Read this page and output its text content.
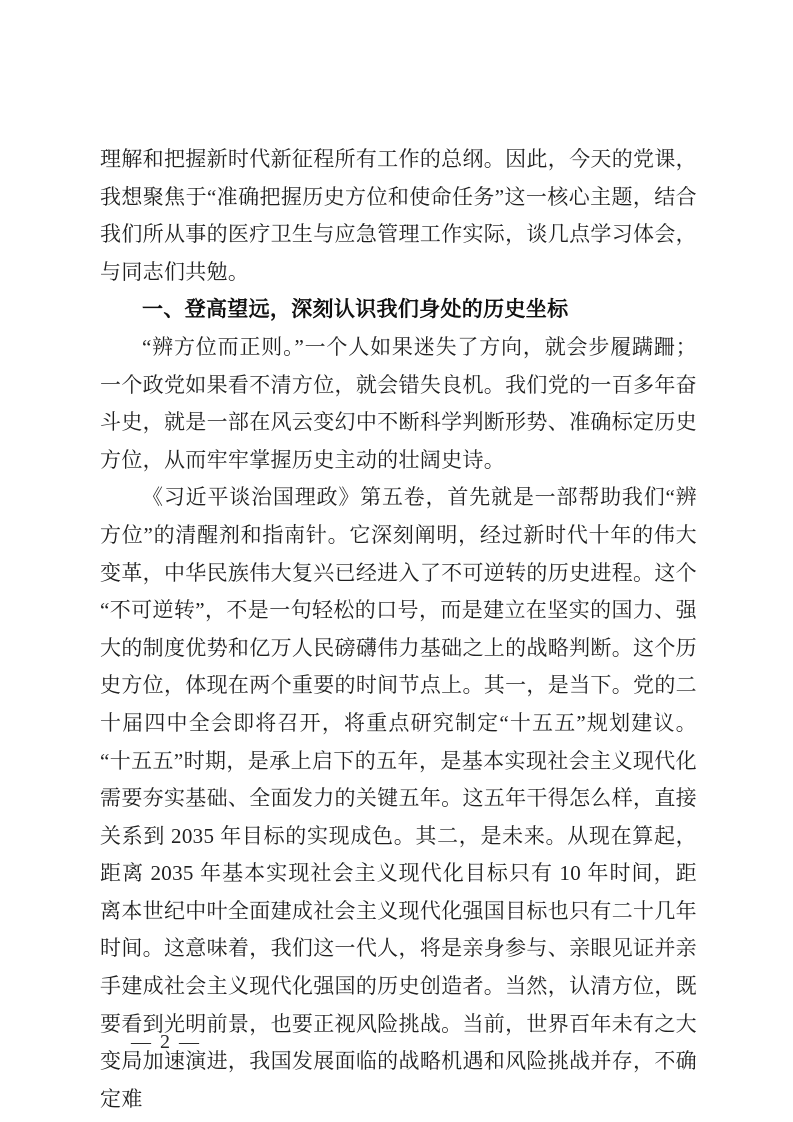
理解和把握新时代新征程所有工作的总纲。因此，今天的党课，我想聚焦于“准确把握历史方位和使命任务”这一核心主题，结合我们所从事的医疗卫生与应急管理工作实际，谈几点学习体会，与同志们共勉。

一、登高望远，深刻认识我们身处的历史坐标

“辨方位而正则。”一个人如果迷失了方向，就会步履蹒跚；一个政党如果看不清方位，就会错失良机。我们党的一百多年奋斗史，就是一部在风云变幻中不断科学判断形势、准确标定历史方位，从而牢牢掌握历史主动的壮阔史诗。

《习近平谈治国理政》第五卷，首先就是一部帮助我们“辨方位”的清醒剂和指南针。它深刻阐明，经过新时代十年的伟大变革，中华民族伟大复兴已经进入了不可逆转的历史进程。这个“不可逆转”，不是一句轻松的口号，而是建立在坚实的国力、强大的制度优势和亿万人民磅礴伟力基础之上的战略判断。这个历史方位，体现在两个重要的时间节点上。其一，是当下。党的二十届四中全会即将召开，将重点研究制定“十五五”规划建议。“十五五”时期，是承上启下的五年，是基本实现社会主义现代化需要夯实基础、全面发力的关键五年。这五年干得怎么样，直接关系到 2035 年目标的实现成色。其二，是未来。从现在算起，距离 2035 年基本实现社会主义现代化目标只有 10 年时间，距离本世纪中叶全面建成社会主义现代化强国目标也只有二十几年时间。这意味着，我们这一代人，将是亲身参与、亲眼见证并亲手建成社会主义现代化强国的历史创造者。当然，认清方位，既要看到光明前景，也要正视风险挑战。当前，世界百年未有之大变局加速演进，我国发展面临的战略机遇和风险挑战并存，不确定难

— 2 —
